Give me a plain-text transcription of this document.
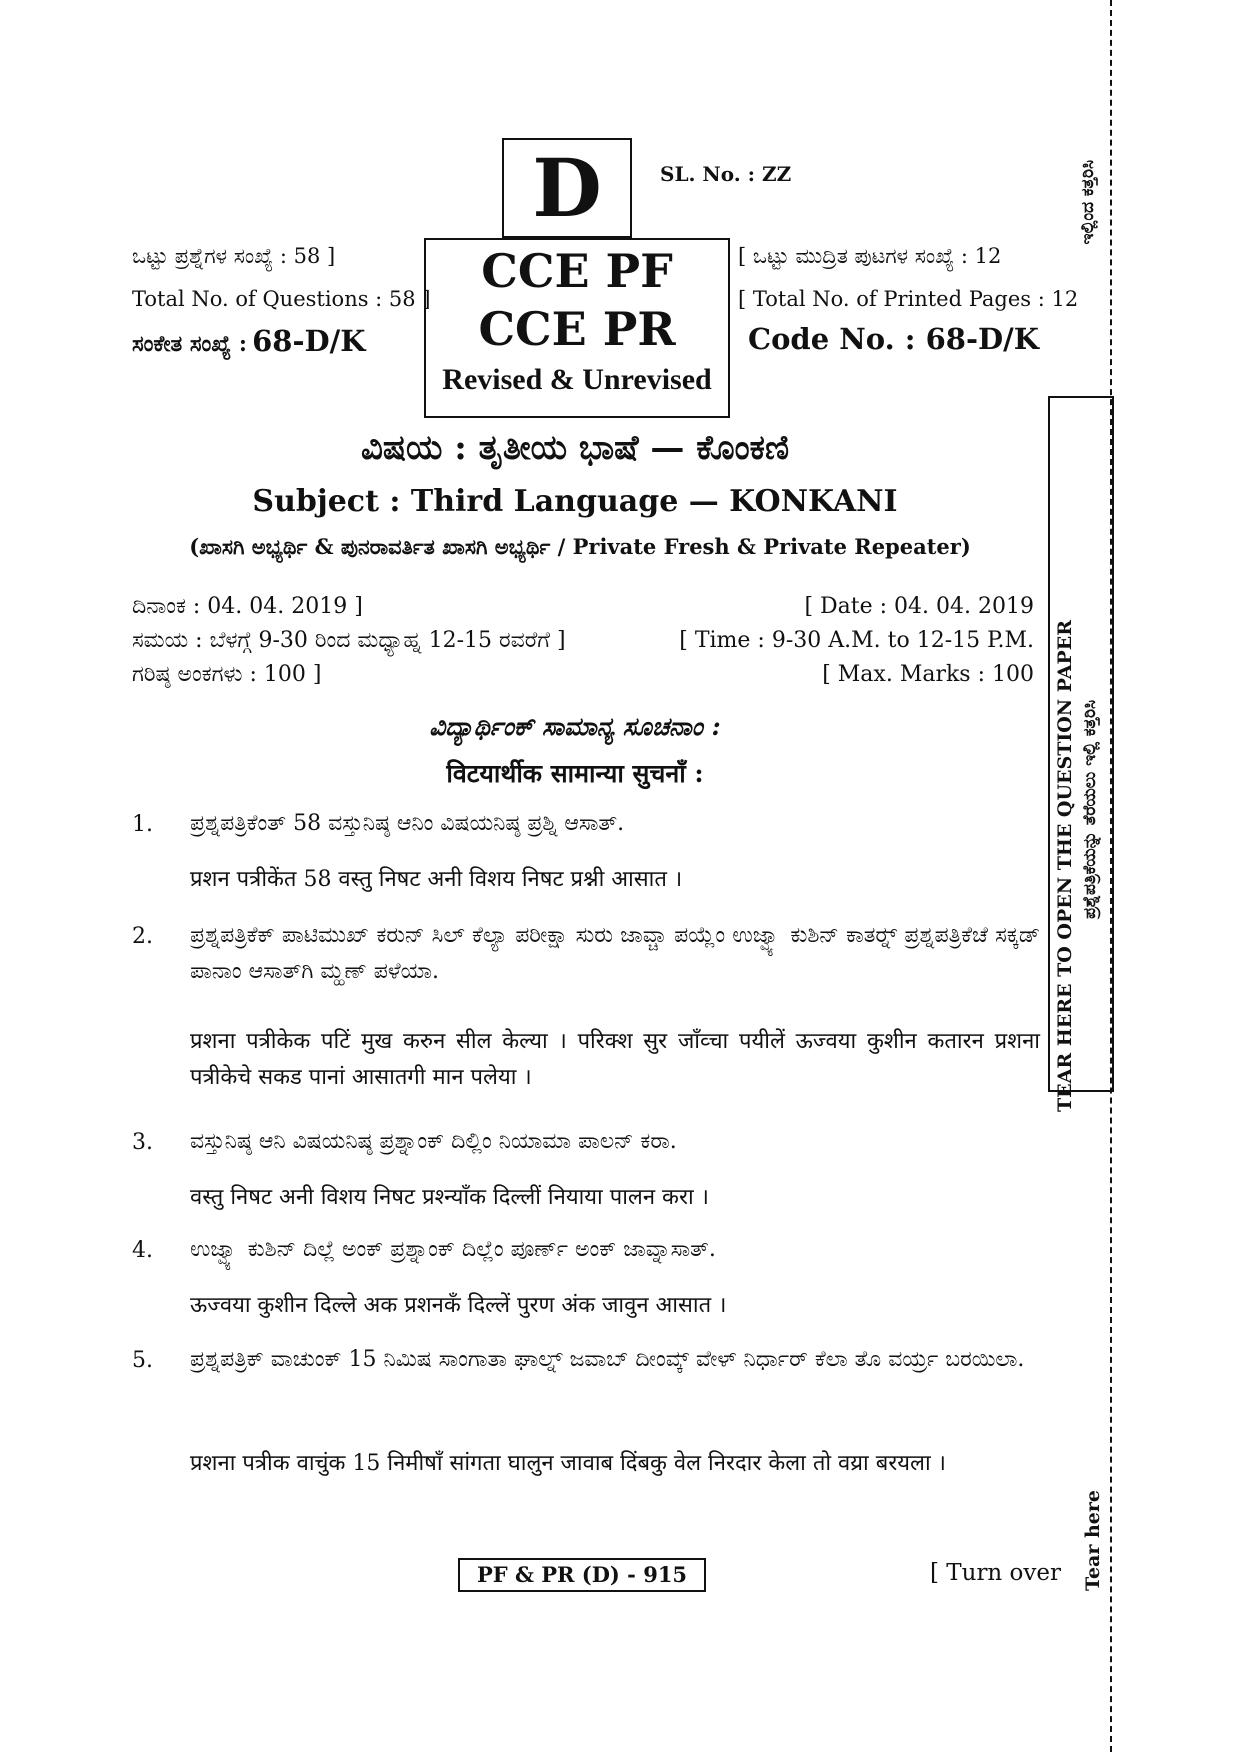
D	SL. No. : ZZ
ಒಟ್ಟು ಪ್ರಶ್ನೆಗಳ ಸಂಖ್ಯೆ : 58 ]
Total No. of Questions : 58 ]
ಸಂಕೇತ ಸಂಖ್ಯೆ : 68-D/K
CCE PF
CCE PR
Revised & Unrevised
[ ಒಟ್ಟು ಮುದ್ರಿತ ಪುಟಗಳ ಸಂಖ್ಯೆ : 12
[ Total No. of Printed Pages : 12
Code No. : 68-D/K
ವಿಷಯ : ತೃತೀಯ ಭಾಷೆ — ಕೊಂಕಣಿ
Subject : Third Language — KONKANI
(ಖಾಸಗಿ ಅಭ್ಯರ್ಥಿ & ಪುನರಾವರ್ತಿತ ಖಾಸಗಿ ಅಭ್ಯರ್ಥಿ / Private Fresh & Private Repeater)
ದಿನಾಂಕ : 04. 04. 2019 ]
ಸಮಯ : ಬೆಳಗ್ಗೆ 9-30 ರಿಂದ ಮಧ್ಯಾಹ್ನ 12-15 ರವರೆಗೆ ]
ಗರಿಷ್ಠ ಅಂಕಗಳು : 100 ]
[ Date : 04. 04. 2019
[ Time : 9-30 A.M. to 12-15 P.M.
[ Max. Marks : 100
ವಿದ್ಯಾರ್ಥಿಂಕ್ ಸಾಮಾನ್ಯ ಸೂಚನಾಂ :
विटयार्थीक सामान्या सुचनाँ :
1. ಪ್ರಶ್ನಪತ್ರಿಕೆಂತ್ 58 ವಸ್ತುನಿಷ್ಠ ಆನಿಂ ವಿಷಯನಿಷ್ಠ ಪ್ರಶ್ನಿ ಆಸಾತ್.
प्रशन पत्रीकेंत 58 वस्तु निषट अनी विशय निषट प्रश्नी आसात ।
2. ಪ್ರಶ್ನಪತ್ರಿಕೆಕ್ ಪಾಟಿಮುಖ್ ಕರುನ್ ಸಿಲ್ ಕೆಲ್ಯಾ ಪರೀಕ್ಷಾ ಸುರು ಜಾವ್ಚಾ ಪಯ್ಲೆಂ ಉಜ್ವ್ಯಾ ಕುಶಿನ್ ಕಾತರ್‍ನ್ ಪ್ರಶ್ನಪತ್ರಿಕೆಚೆ ಸಕ್ಕಡ್ ಪಾನಾಂ ಆಸಾತ್‌ಗಿ ಮ್ಹಣ್ ಪಳೆಯಾ.
प्रशना पत्रीकेक पटिं मुख करुन सील केल्या । परिक्श सुर जाँव्चा पयीलें ऊज्वया कुशीन कतारन प्रशना पत्रीकेचे सकड पानां आसातगी मान पलेया ।
3. ವಸ್ತುನಿಷ್ಠ ಆನಿ ವಿಷಯನಿಷ್ಠ ಪ್ರಶ್ನಾಂಕ್ ದಿಲ್ಲಿಂ ನಿಯಾಮಾ ಪಾಲನ್ ಕರಾ.
वस्तु निषट अनी विशय निषट प्रश्न्याँक दिल्लीं नियाया पालन करा ।
4. ಉಜ್ವ್ಯಾ ಕುಶಿನ್ ದಿಲ್ಲೆ ಅಂಕ್ ಪ್ರಶ್ನಾಂಕ್ ದಿಲ್ಲೆಂ ಪೂರ್ಣ್ ಅಂಕ್ ಜಾವ್ನಾಸಾತ್.
ऊज्वया कुशीन दिल्ले अक प्रशनकँ दिल्लें पुरण अंक जावुन आसात ।
5. ಪ್ರಶ್ನಪತ್ರಿಕ್ ವಾಚುಂಕ್ 15 ನಿಮಿಷ ಸಾಂಗಾತಾ ಘಾಲ್ನ್ ಜವಾಬ್ ದೀಂವ್ಕ್ ವೇಳ್ ನಿರ್ಧಾರ್ ಕೆಲಾ ತೊ ವರ್ಯ್ರ ಬರಯಿಲಾ.
प्रशना पत्रीक वाचुंक 15 निमीषाँ सांगता घालुन जावाब दिंबकु वेल निरदार केला तो वय्रा बरयला ।
PF & PR (D) - 915	[ Turn over
TEAR HERE TO OPEN THE QUESTION PAPER ಪ್ರಶ್ನೆಪತ್ರಿಕೆಯನ್ನು ತೆರೆಯಲು ಇಲ್ಲಿ ಕತ್ತರಿಸಿ
ಇಲ್ಲಿಂದ ಕತ್ತರಿಸಿ
Tear here
